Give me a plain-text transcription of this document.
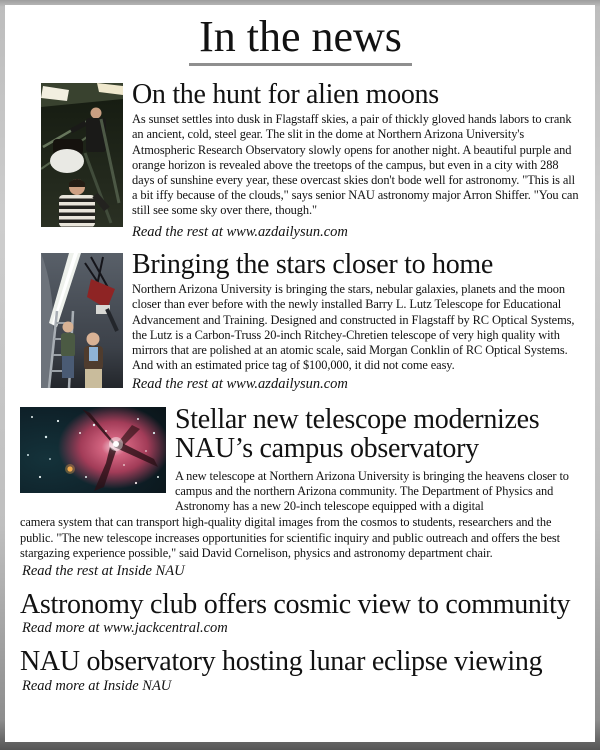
In the news
On the hunt for alien moons
As sunset settles into dusk in Flagstaff skies, a pair of thickly gloved hands labors to crank an ancient, cold, steel gear. The slit in the dome at Northern Arizona University's Atmospheric Research Observatory slowly opens for another night. A beautiful purple and orange horizon is revealed above the treetops of the campus, but even in a city with 288 days of sunshine every year, these overcast skies don't bode well for astronomy. "This is all a bit iffy because of the clouds," says senior NAU astronomy major Arron Shiffer. "You can still see some sky over there, though."
Read the rest at www.azdailysun.com
Bringing the stars closer to home
Northern Arizona University is bringing the stars, nebular galaxies, planets and the moon closer than ever before with the newly installed Barry L. Lutz Telescope for Educational Advancement and Training. Designed and constructed in Flagstaff by RC Optical Systems, the Lutz is a Carbon-Truss 20-inch Ritchey-Chretien telescope of very high quality with mirrors that are polished at an atomic scale, said Morgan Conklin of RC Optical Systems. And with an estimated price tag of $100,000, it did not come easy.
Read the rest at www.azdailysun.com
Stellar new telescope modernizes
NAU’s campus observatory
A new telescope at Northern Arizona University is bringing the heavens closer to campus and the northern Arizona community. The Department of Physics and Astronomy has a new 20-inch telescope equipped with a digital
camera system that can transport high-quality digital images from the cosmos to students, researchers and the public. "The new telescope increases opportunities for scientific inquiry and public outreach and offers the best stargazing experience possible," said David Cornelison, physics and astronomy department chair.
Read the rest at Inside NAU
Astronomy club offers cosmic view to community
Read more at www.jackcentral.com
NAU observatory hosting lunar eclipse viewing
Read more at Inside NAU
